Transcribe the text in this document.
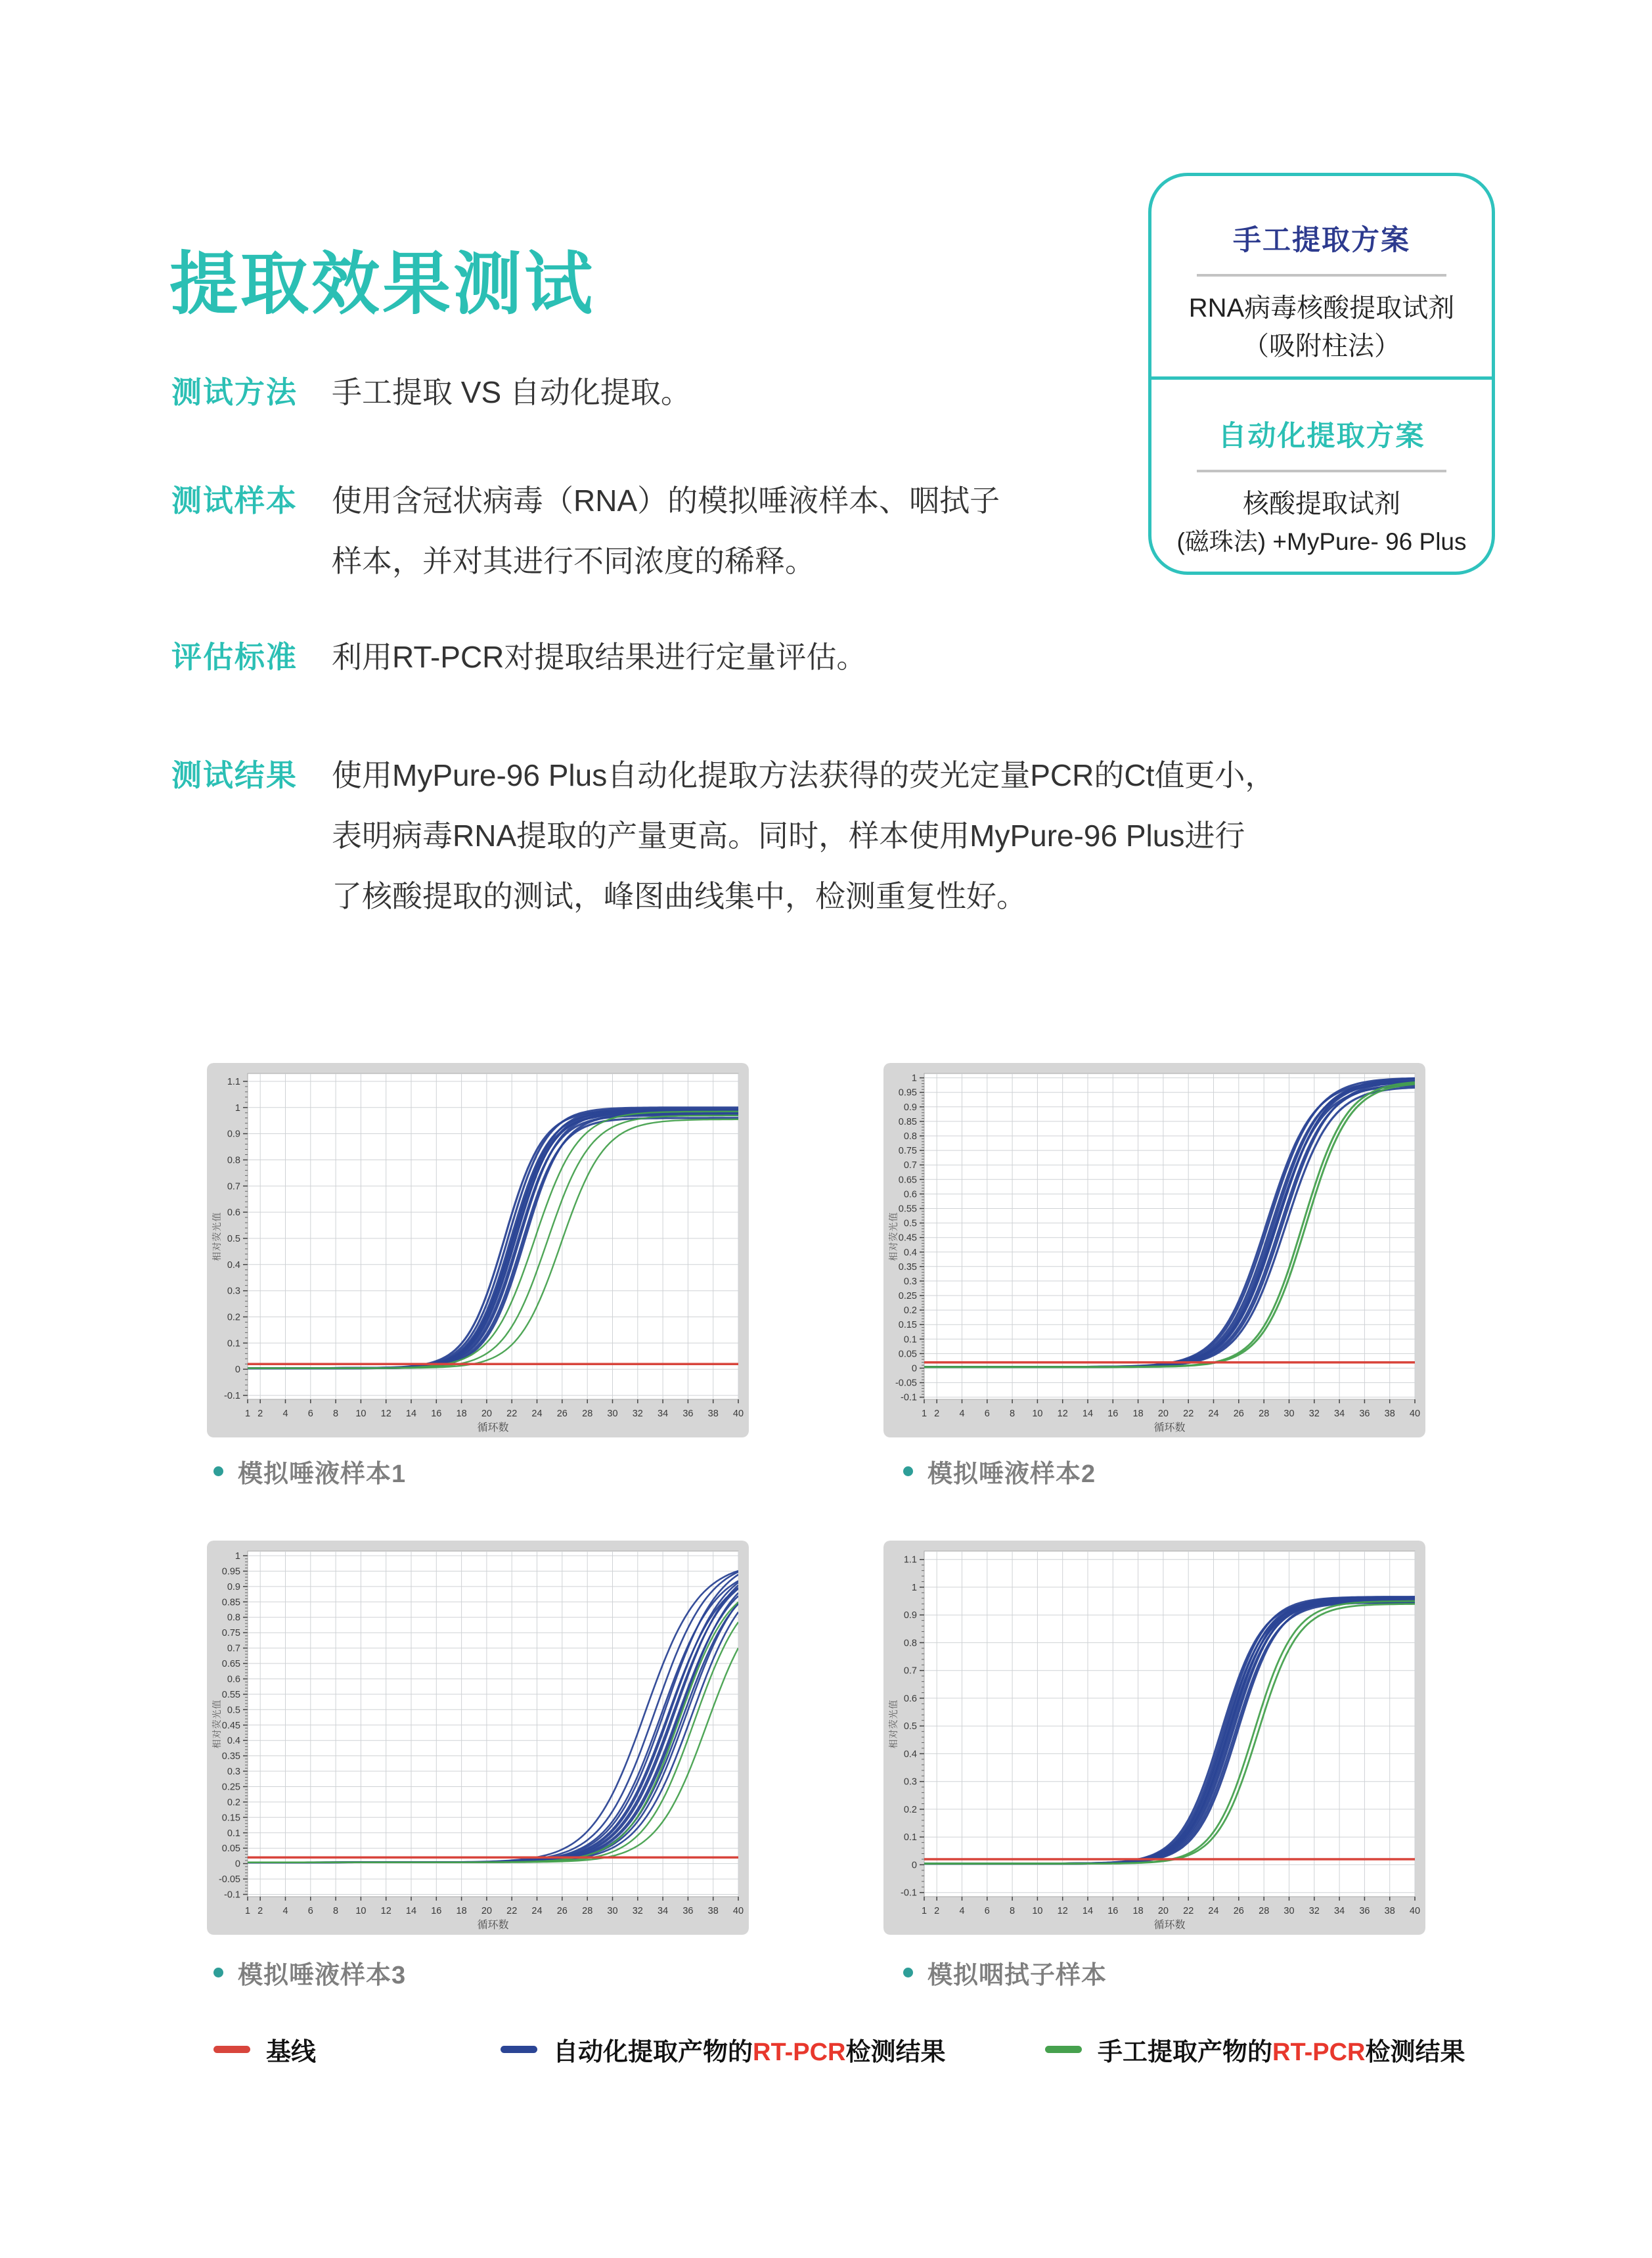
提取效果测试
手工提取方案
RNA病毒核酸提取试剂
（吸附柱法）
自动化提取方案
核酸提取试剂
(磁珠法) +MyPure- 96 Plus
测试方法	手工提取 VS 自动化提取。
测试样本	使用含冠状病毒（RNA）的模拟唾液样本、咽拭子
样本，并对其进行不同浓度的稀释。
评估标准	利用RT-PCR对提取结果进行定量评估。
测试结果	使用MyPure-96 Plus自动化提取方法获得的荧光定量PCR的Ct值更小，
表明病毒RNA提取的产量更高。同时，样本使用MyPure-96 Plus进行
了核酸提取的测试，峰图曲线集中，检测重复性好。
-0.1
0
0.1
0.2
0.3
0.4
0.5
0.6
0.7
0.8
0.9
1
1.1
1 2 4 6 8 10 12 14 16 18 20 22 24 26 28 30 32 34 36 38 40
循环数
相对荧光值
-0.1
-0.05
0
0.05
0.1
0.15
0.2
0.25
0.3
0.35
0.4
0.45
0.5
0.55
0.6
0.65
0.7
0.75
0.8
0.85
0.9
0.95
1
1 2 4 6 8 10 12 14 16 18 20 22 24 26 28 30 32 34 36 38 40
循环数
相对荧光值
-0.1
-0.05
0
0.05
0.1
0.15
0.2
0.25
0.3
0.35
0.4
0.45
0.5
0.55
0.6
0.65
0.7
0.75
0.8
0.85
0.9
0.95
1
1 2 4 6 8 10 12 14 16 18 20 22 24 26 28 30 32 34 36 38 40
循环数
相对荧光值
-0.1
0
0.1
0.2
0.3
0.4
0.5
0.6
0.7
0.8
0.9
1
1.1
1 2 4 6 8 10 12 14 16 18 20 22 24 26 28 30 32 34 36 38 40
循环数
相对荧光值
模拟唾液样本1	模拟唾液样本2
模拟唾液样本3	模拟咽拭子样本
基线	自动化提取产物的RT-PCR检测结果	手工提取产物的RT-PCR检测结果
